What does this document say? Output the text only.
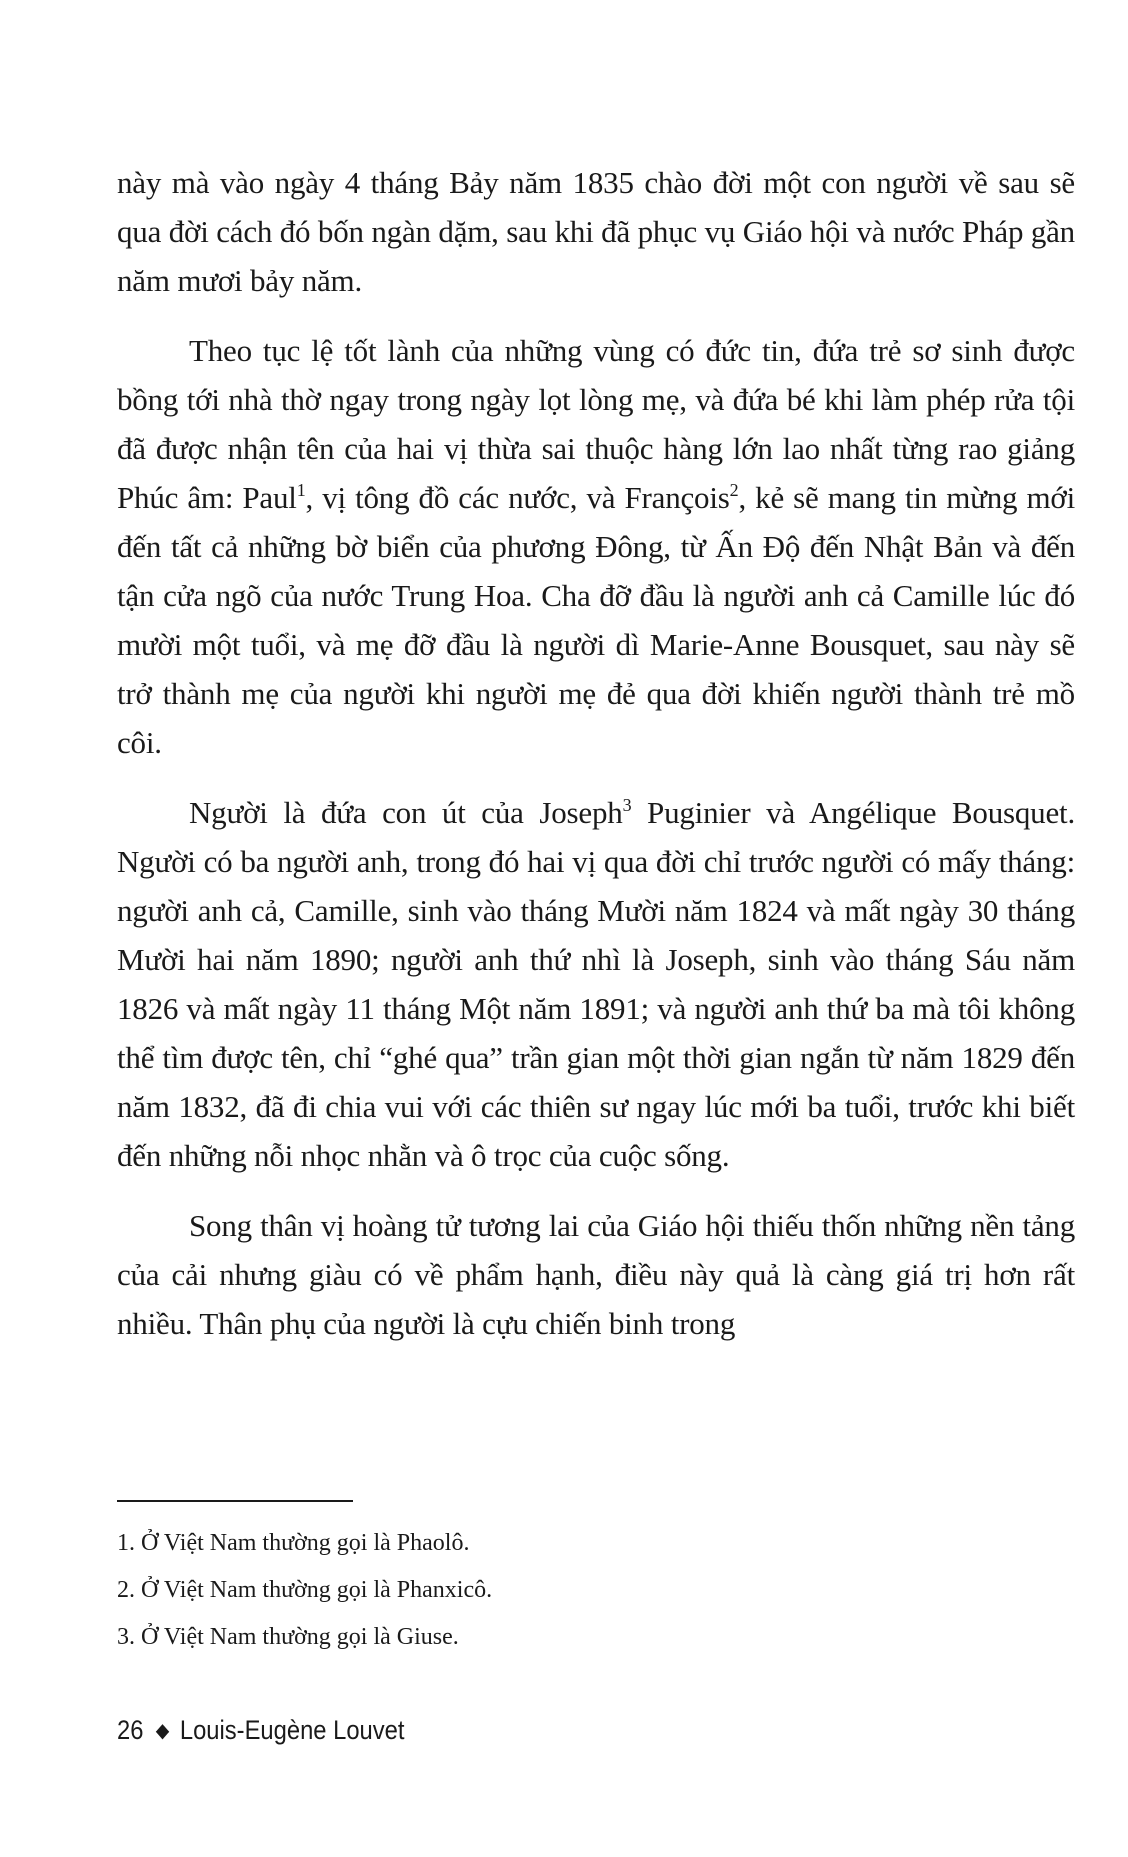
này mà vào ngày 4 tháng Bảy năm 1835 chào đời một con người về sau sẽ qua đời cách đó bốn ngàn dặm, sau khi đã phục vụ Giáo hội và nước Pháp gần năm mươi bảy năm.

Theo tục lệ tốt lành của những vùng có đức tin, đứa trẻ sơ sinh được bồng tới nhà thờ ngay trong ngày lọt lòng mẹ, và đứa bé khi làm phép rửa tội đã được nhận tên của hai vị thừa sai thuộc hàng lớn lao nhất từng rao giảng Phúc âm: Paul$^1$, vị tông đồ các nước, và François$^2$, kẻ sẽ mang tin mừng mới đến tất cả những bờ biển của phương Đông, từ Ấn Độ đến Nhật Bản và đến tận cửa ngõ của nước Trung Hoa. Cha đỡ đầu là người anh cả Camille lúc đó mười một tuổi, và mẹ đỡ đầu là người dì Marie-Anne Bousquet, sau này sẽ trở thành mẹ của người khi người mẹ đẻ qua đời khiến người thành trẻ mồ côi.

Người là đứa con út của Joseph$^3$ Puginier và Angélique Bousquet. Người có ba người anh, trong đó hai vị qua đời chỉ trước người có mấy tháng: người anh cả, Camille, sinh vào tháng Mười năm 1824 và mất ngày 30 tháng Mười hai năm 1890; người anh thứ nhì là Joseph, sinh vào tháng Sáu năm 1826 và mất ngày 11 tháng Một năm 1891; và người anh thứ ba mà tôi không thể tìm được tên, chỉ “ghé qua” trần gian một thời gian ngắn từ năm 1829 đến năm 1832, đã đi chia vui với các thiên sư ngay lúc mới ba tuổi, trước khi biết đến những nỗi nhọc nhằn và ô trọc của cuộc sống.

Song thân vị hoàng tử tương lai của Giáo hội thiếu thốn những nền tảng của cải nhưng giàu có về phẩm hạnh, điều này quả là càng giá trị hơn rất nhiều. Thân phụ của người là cựu chiến binh trong

1. Ở Việt Nam thường gọi là Phaolô.
2. Ở Việt Nam thường gọi là Phanxicô.
3. Ở Việt Nam thường gọi là Giuse.
26 ◆ Louis-Eugène Louvet
